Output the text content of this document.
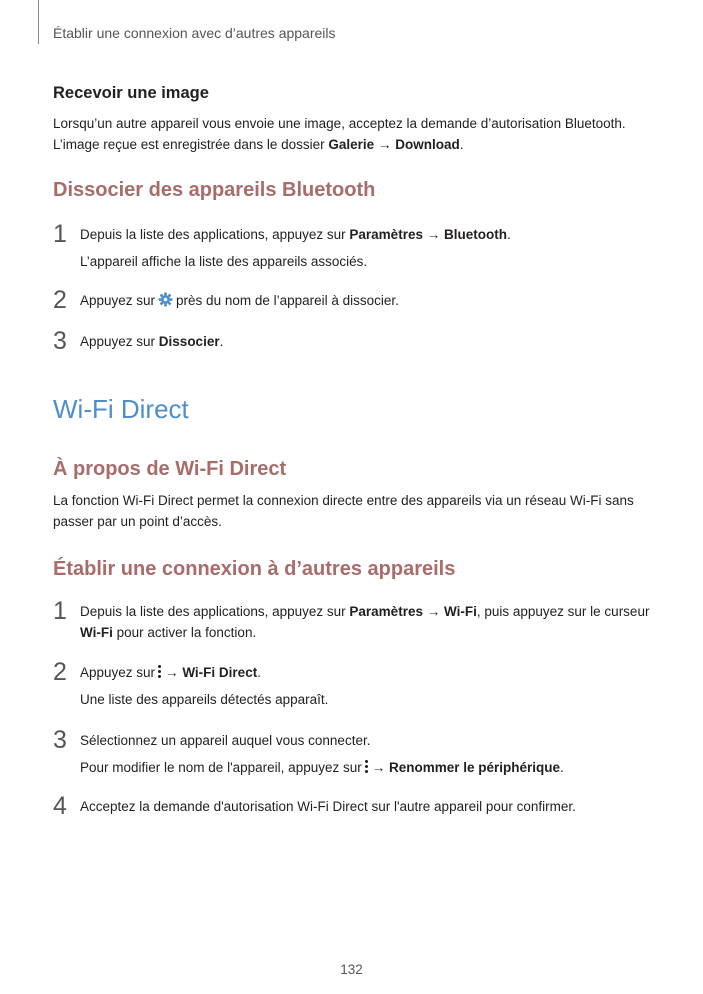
Établir une connexion avec d’autres appareils
Recevoir une image
Lorsqu’un autre appareil vous envoie une image, acceptez la demande d’autorisation Bluetooth.
L’image reçue est enregistrée dans le dossier Galerie → Download.
Dissocier des appareils Bluetooth
1 Depuis la liste des applications, appuyez sur Paramètres → Bluetooth.
L’appareil affiche la liste des appareils associés.
2 Appuyez sur près du nom de l’appareil à dissocier.
3 Appuyez sur Dissocier.
Wi-Fi Direct
À propos de Wi-Fi Direct
La fonction Wi-Fi Direct permet la connexion directe entre des appareils via un réseau Wi-Fi sans
passer par un point d’accès.
Établir une connexion à d’autres appareils
1 Depuis la liste des applications, appuyez sur Paramètres → Wi-Fi, puis appuyez sur le curseur
Wi-Fi pour activer la fonction.
2 Appuyez sur → Wi-Fi Direct.
Une liste des appareils détectés apparaît.
3 Sélectionnez un appareil auquel vous connecter.
Pour modifier le nom de l'appareil, appuyez sur → Renommer le périphérique.
4 Acceptez la demande d'autorisation Wi-Fi Direct sur l'autre appareil pour confirmer.
132
